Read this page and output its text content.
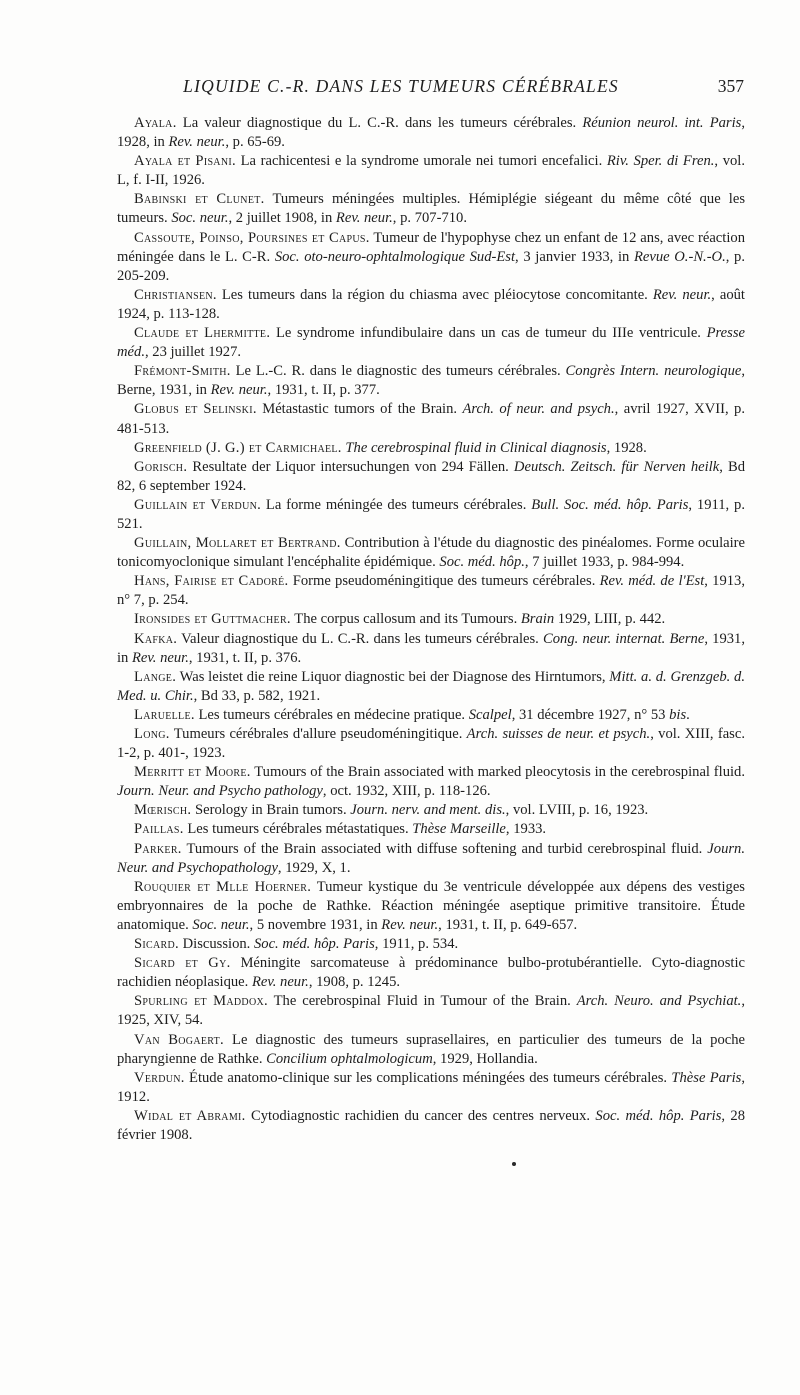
LIQUIDE C.-R. DANS LES TUMEURS CÉRÉBRALES	357

Ayala. La valeur diagnostique du L. C.-R. dans les tumeurs cérébrales. Réunion neurol. int. Paris, 1928, in Rev. neur., p. 65-69.

Ayala et Pisani. La rachicentesi e la syndrome umorale nei tumori encefalici. Riv. Sper. di Fren., vol. L, f. I-II, 1926.

Babinski et Clunet. Tumeurs méningées multiples. Hémiplégie siégeant du même côté que les tumeurs. Soc. neur., 2 juillet 1908, in Rev. neur., p. 707-710.

Cassoute, Poinso, Poursines et Capus. Tumeur de l'hypophyse chez un enfant de 12 ans, avec réaction méningée dans le L. C-R. Soc. oto-neuro-ophtalmologique Sud-Est, 3 janvier 1933, in Revue O.-N.-O., p. 205-209.

Christiansen. Les tumeurs dans la région du chiasma avec pléiocytose concomitante. Rev. neur., août 1924, p. 113-128.

Claude et Lhermitte. Le syndrome infundibulaire dans un cas de tumeur du IIIe ventricule. Presse méd., 23 juillet 1927.

Frémont-Smith. Le L.-C. R. dans le diagnostic des tumeurs cérébrales. Congrès Intern. neurologique, Berne, 1931, in Rev. neur., 1931, t. II, p. 377.

Globus et Selinski. Métastastic tumors of the Brain. Arch. of neur. and psych., avril 1927, XVII, p. 481-513.

Greenfield (J. G.) et Carmichael. The cerebrospinal fluid in Clinical diagnosis, 1928.

Gorisch. Resultate der Liquor intersuchungen von 294 Fällen. Deutsch. Zeitsch. für Nerven heilk, Bd 82, 6 september 1924.

Guillain et Verdun. La forme méningée des tumeurs cérébrales. Bull. Soc. méd. hôp. Paris, 1911, p. 521.

Guillain, Mollaret et Bertrand. Contribution à l'étude du diagnostic des pinéalomes. Forme oculaire tonicomyoclonique simulant l'encéphalite épidémique. Soc. méd. hôp., 7 juillet 1933, p. 984-994.

Hans, Fairise et Cadoré. Forme pseudoméningitique des tumeurs cérébrales. Rev. méd. de l'Est, 1913, n° 7, p. 254.

Ironsides et Guttmacher. The corpus callosum and its Tumours. Brain 1929, LIII, p. 442.

Kafka. Valeur diagnostique du L. C.-R. dans les tumeurs cérébrales. Cong. neur. internat. Berne, 1931, in Rev. neur., 1931, t. II, p. 376.

Lange. Was leistet die reine Liquor diagnostic bei der Diagnose des Hirntumors, Mitt. a. d. Grenzgeb. d. Med. u. Chir., Bd 33, p. 582, 1921.

Laruelle. Les tumeurs cérébrales en médecine pratique. Scalpel, 31 décembre 1927, n° 53 bis.

Long. Tumeurs cérébrales d'allure pseudoméningitique. Arch. suisses de neur. et psych., vol. XIII, fasc. 1-2, p. 401-, 1923.

Merritt et Moore. Tumours of the Brain associated with marked pleocytosis in the cerebrospinal fluid. Journ. Neur. and Psycho pathology, oct. 1932, XIII, p. 118-126.

Mœrisch. Serology in Brain tumors. Journ. nerv. and ment. dis., vol. LVIII, p. 16, 1923.

Paillas. Les tumeurs cérébrales métastatiques. Thèse Marseille, 1933.

Parker. Tumours of the Brain associated with diffuse softening and turbid cerebrospinal fluid. Journ. Neur. and Psychopathology, 1929, X, 1.

Rouquier et Mlle Hoerner. Tumeur kystique du 3e ventricule développée aux dépens des vestiges embryonnaires de la poche de Rathke. Réaction méningée aseptique primitive transitoire. Étude anatomique. Soc. neur., 5 novembre 1931, in Rev. neur., 1931, t. II, p. 649-657.

Sicard. Discussion. Soc. méd. hôp. Paris, 1911, p. 534.

Sicard et Gy. Méningite sarcomateuse à prédominance bulbo-protubérantielle. Cyto-diagnostic rachidien néoplasique. Rev. neur., 1908, p. 1245.

Spurling et Maddox. The cerebrospinal Fluid in Tumour of the Brain. Arch. Neuro. and Psychiat., 1925, XIV, 54.

Van Bogaert. Le diagnostic des tumeurs suprasellaires, en particulier des tumeurs de la poche pharyngienne de Rathke. Concilium ophtalmologicum, 1929, Hollandia.

Verdun. Étude anatomo-clinique sur les complications méningées des tumeurs cérébrales. Thèse Paris, 1912.

Widal et Abrami. Cytodiagnostic rachidien du cancer des centres nerveux. Soc. méd. hôp. Paris, 28 février 1908.
